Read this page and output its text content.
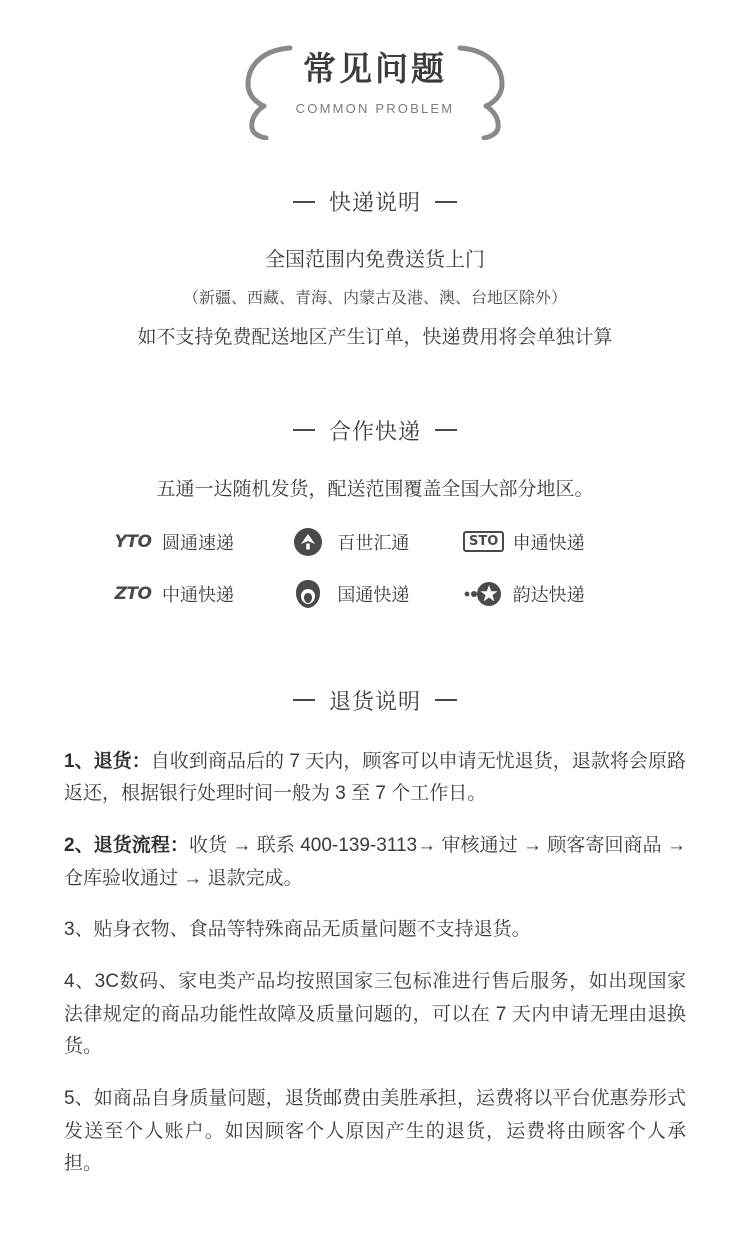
常见问题
COMMON PROBLEM
快递说明
全国范围内免费送货上门
（新疆、西藏、青海、内蒙古及港、澳、台地区除外）
如不支持免费配送地区产生订单，快递费用将会单独计算
合作快递
五通一达随机发货，配送范围覆盖全国大部分地区。
YTO 圆通速递	百世汇通	STO 申通快递
ZTO 中通快递	国通快递	韵达快递
退货说明

1、退货：自收到商品后的 7 天内，顾客可以申请无忧退货，退款将会原路返还，根据银行处理时间一般为 3 至 7 个工作日。

2、退货流程：收货 → 联系 400-139-3113→ 审核通过 → 顾客寄回商品 → 仓库验收通过 → 退款完成。

3、贴身衣物、食品等特殊商品无质量问题不支持退货。

4、3C数码、家电类产品均按照国家三包标准进行售后服务，如出现国家法律规定的商品功能性故障及质量问题的，可以在 7 天内申请无理由退换货。

5、如商品自身质量问题，退货邮费由美胜承担，运费将以平台优惠券形式发送至个人账户。如因顾客个人原因产生的退货，运费将由顾客个人承担。
